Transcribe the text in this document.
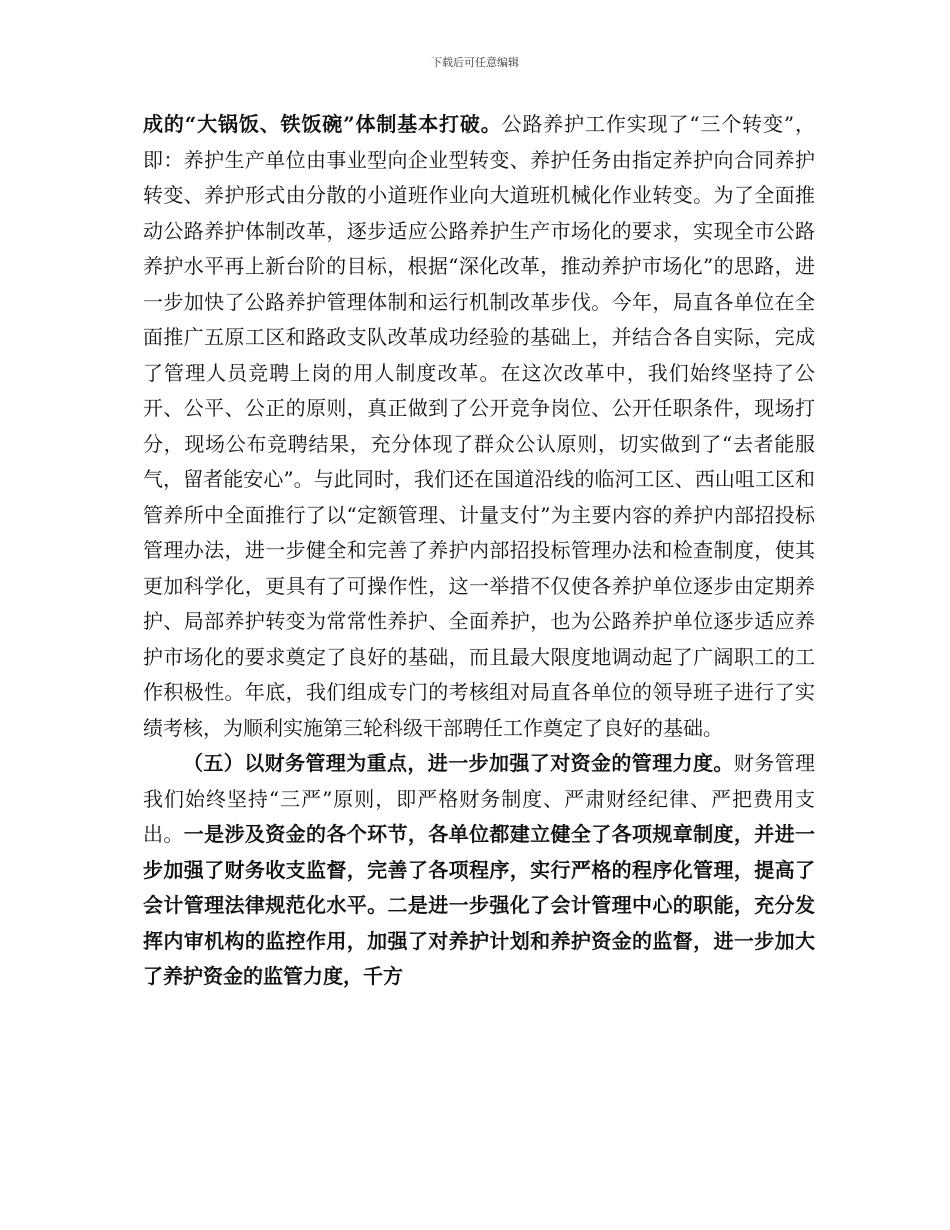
下载后可任意编辑

成的“大锅饭、铁饭碗”体制基本打破。公路养护工作实现了“三个转变”，即：养护生产单位由事业型向企业型转变、养护任务由指定养护向合同养护转变、养护形式由分散的小道班作业向大道班机械化作业转变。为了全面推动公路养护体制改革，逐步适应公路养护生产市场化的要求，实现全市公路养护水平再上新台阶的目标，根据“深化改革，推动养护市场化”的思路，进一步加快了公路养护管理体制和运行机制改革步伐。今年，局直各单位在全面推广五原工区和路政支队改革成功经验的基础上，并结合各自实际，完成了管理人员竞聘上岗的用人制度改革。在这次改革中，我们始终坚持了公开、公平、公正的原则，真正做到了公开竞争岗位、公开任职条件，现场打分，现场公布竞聘结果，充分体现了群众公认原则，切实做到了“去者能服气，留者能安心”。与此同时，我们还在国道沿线的临河工区、西山咀工区和管养所中全面推行了以“定额管理、计量支付”为主要内容的养护内部招投标管理办法，进一步健全和完善了养护内部招投标管理办法和检查制度，使其更加科学化，更具有了可操作性，这一举措不仅使各养护单位逐步由定期养护、局部养护转变为常常性养护、全面养护，也为公路养护单位逐步适应养护市场化的要求奠定了良好的基础，而且最大限度地调动起了广阔职工的工作积极性。年底，我们组成专门的考核组对局直各单位的领导班子进行了实绩考核，为顺利实施第三轮科级干部聘任工作奠定了良好的基础。

（五）以财务管理为重点，进一步加强了对资金的管理力度。财务管理我们始终坚持“三严”原则，即严格财务制度、严肃财经纪律、严把费用支出。一是涉及资金的各个环节，各单位都建立健全了各项规章制度，并进一步加强了财务收支监督，完善了各项程序，实行严格的程序化管理，提高了会计管理法律规范化水平。二是进一步强化了会计管理中心的职能，充分发挥内审机构的监控作用，加强了对养护计划和养护资金的监督，进一步加大了养护资金的监管力度，千方
